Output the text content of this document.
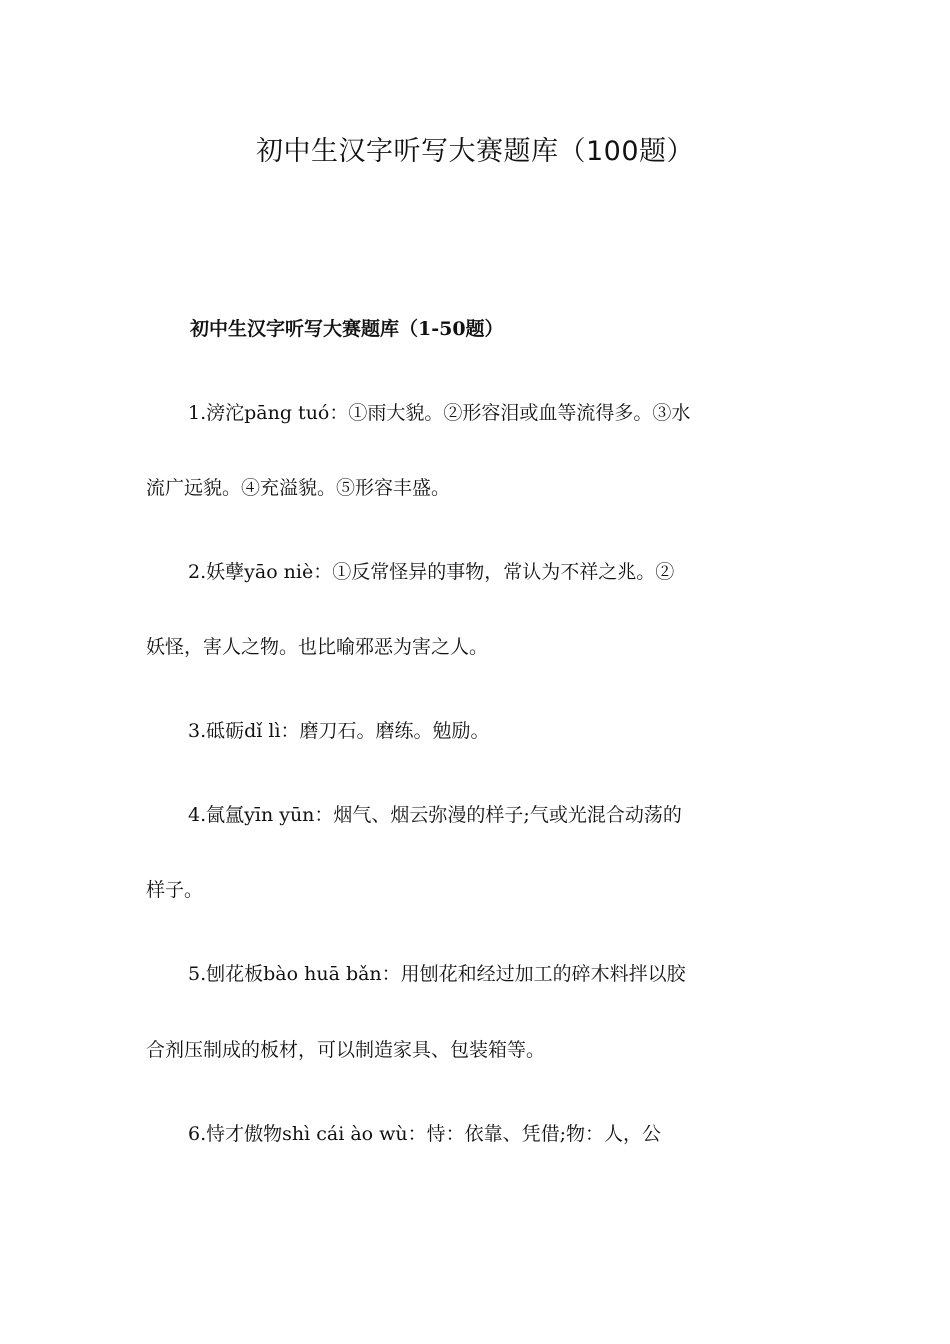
初中生汉字听写大赛题库（100题）
初中生汉字听写大赛题库（1-50题）
1.滂沱pāng tuó：①雨大貌。②形容泪或血等流得多。③水
流广远貌。④充溢貌。⑤形容丰盛。
2.妖孽yāo niè：①反常怪异的事物，常认为不祥之兆。②
妖怪，害人之物。也比喻邪恶为害之人。
3.砥砺dǐ lì：磨刀石。磨练。勉励。
4.氤氲yīn yūn：烟气、烟云弥漫的样子;气或光混合动荡的
样子。
5.刨花板bào huā bǎn：用刨花和经过加工的碎木料拌以胶
合剂压制成的板材，可以制造家具、包装箱等。
6.恃才傲物shì cái ào wù：恃：依靠、凭借;物：人，公
